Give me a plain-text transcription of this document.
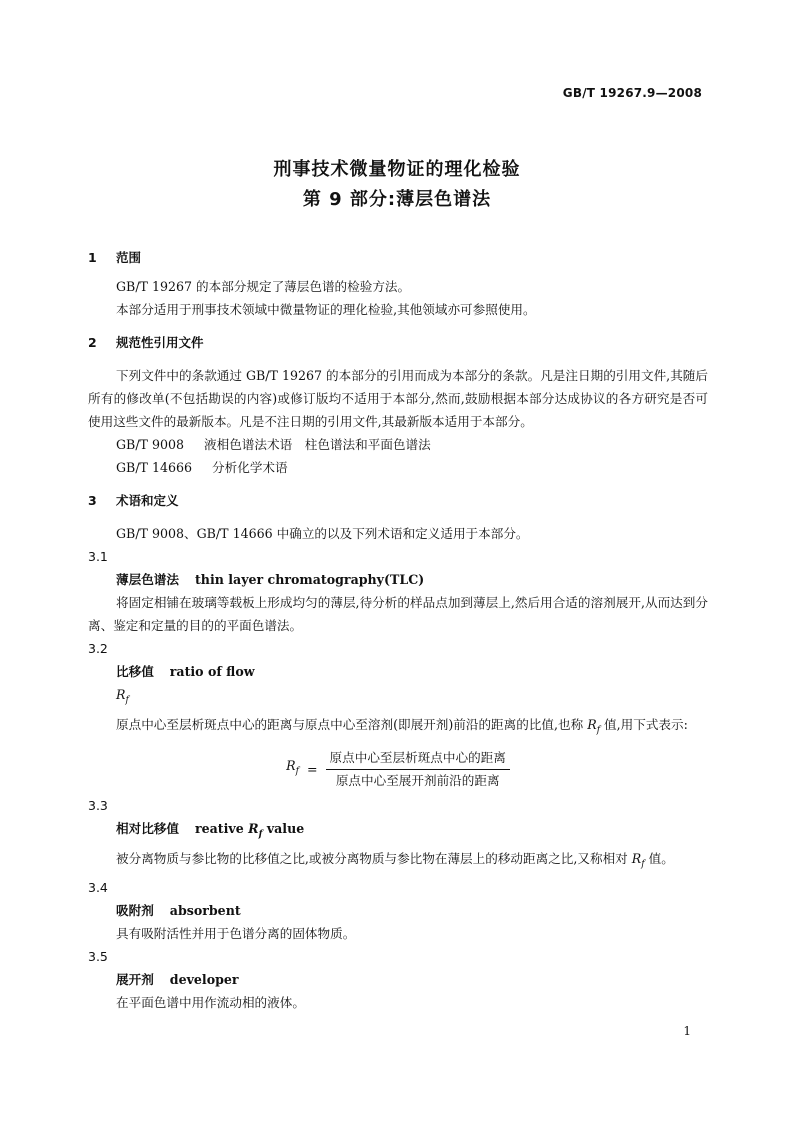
GB/T 19267.9—2008
刑事技术微量物证的理化检验
第 9 部分:薄层色谱法

1 范围

GB/T 19267 的本部分规定了薄层色谱的检验方法。

本部分适用于刑事技术领域中微量物证的理化检验,其他领域亦可参照使用。

2 规范性引用文件

下列文件中的条款通过 GB/T 19267 的本部分的引用而成为本部分的条款。凡是注日期的引用文件,其随后所有的修改单(不包括勘误的内容)或修订版均不适用于本部分,然而,鼓励根据本部分达成协议的各方研究是否可使用这些文件的最新版本。凡是不注日期的引用文件,其最新版本适用于本部分。

GB/T 9008 液相色谱法术语　柱色谱法和平面色谱法

GB/T 14666 分析化学术语

3 术语和定义

GB/T 9008、GB/T 14666 中确立的以及下列术语和定义适用于本部分。

3.1

薄层色谱法 thin layer chromatography(TLC)

将固定相铺在玻璃等载板上形成均匀的薄层,待分析的样品点加到薄层上,然后用合适的溶剂展开,从而达到分离、鉴定和定量的目的的平面色谱法。

3.2

比移值 ratio of flow

$R_f$

原点中心至层析斑点中心的距离与原点中心至溶剂(即展开剂)前沿的距离的比值,也称 $R_f$ 值,用下式表示:

$R_f = \frac{\text{原点中心至层析斑点中心的距离}}{\text{原点中心至展开剂前沿的距离}}$

3.3

相对比移值 reative $R_f$ value

被分离物质与参比物的比移值之比,或被分离物质与参比物在薄层上的移动距离之比,又称相对 $R_f$ 值。

3.4

吸附剂 absorbent

具有吸附活性并用于色谱分离的固体物质。

3.5

展开剂 developer

在平面色谱中用作流动相的液体。

1
